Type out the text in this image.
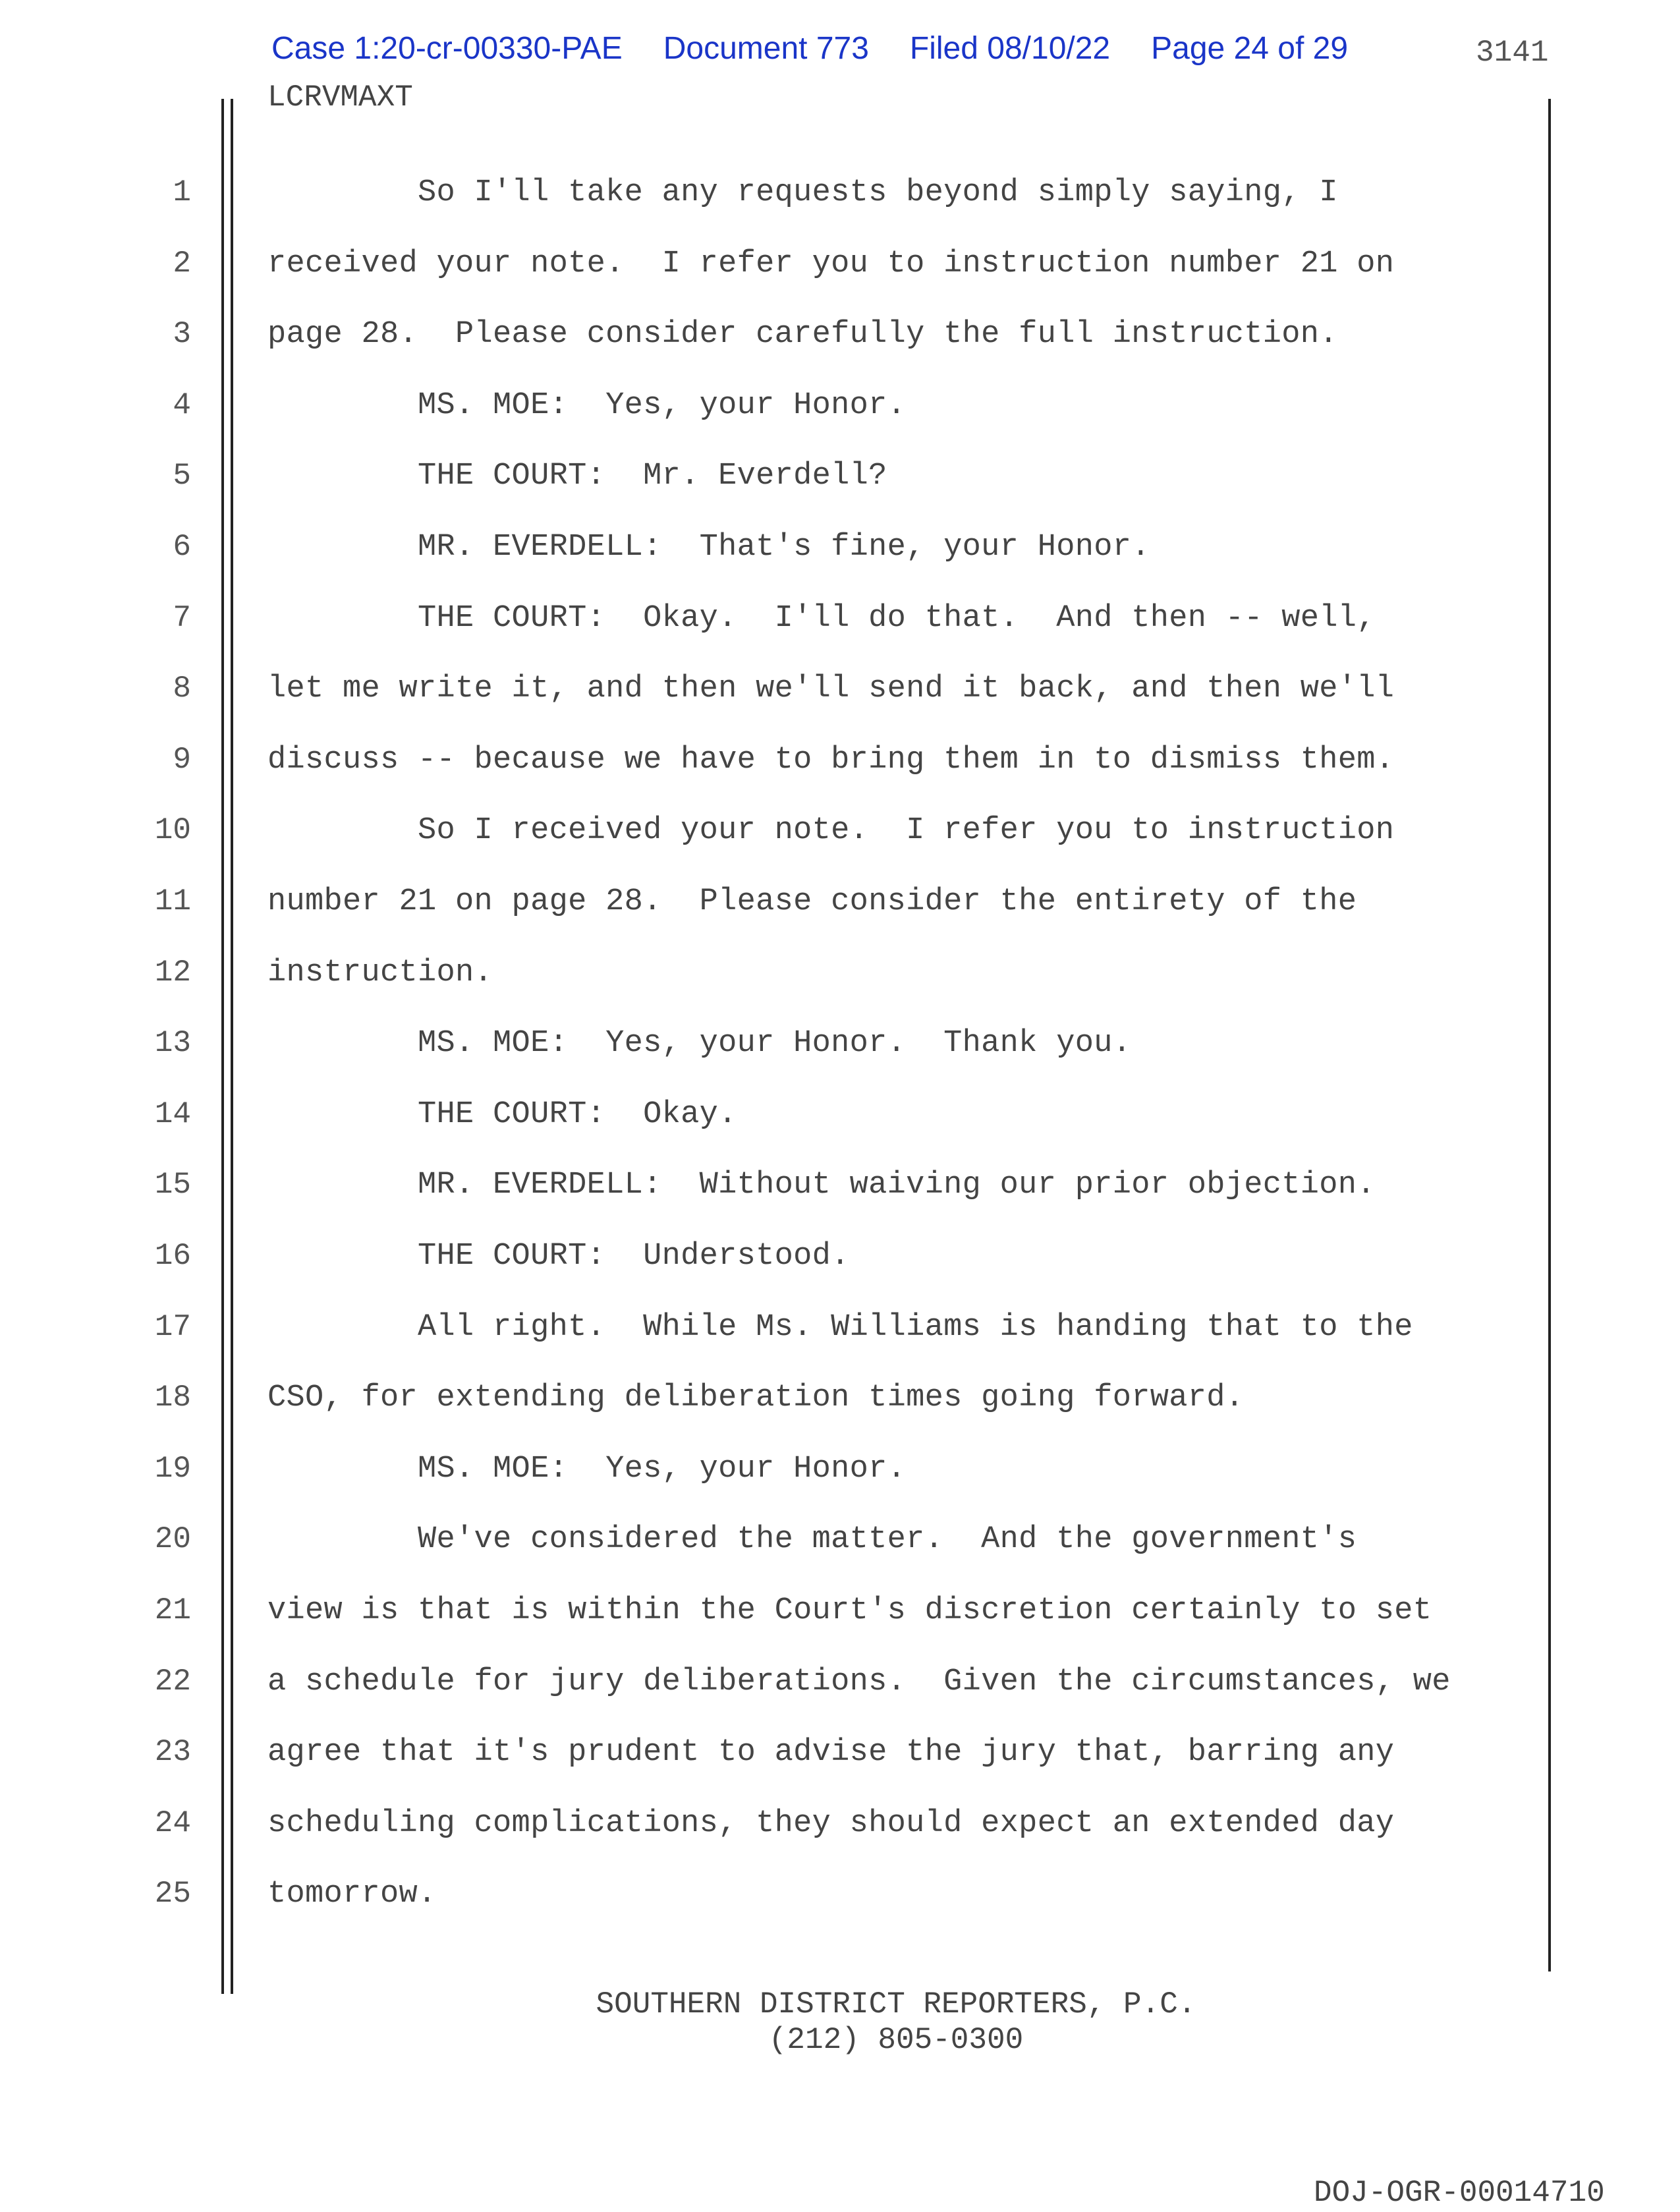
Case 1:20-cr-00330-PAE Document 773 Filed 08/10/22 Page 24 of 29	3141
LCRVMAXT
1
2
3
4
5
6
7
8
9
10
11
12
13
14
15
16
17
18
19
20
21
22
23
24
25
So I'll take any requests beyond simply saying, I
received your note.  I refer you to instruction number 21 on
page 28.  Please consider carefully the full instruction.
MS. MOE:  Yes, your Honor.
THE COURT:  Mr. Everdell?
MR. EVERDELL:  That's fine, your Honor.
THE COURT:  Okay.  I'll do that.  And then -- well,
let me write it, and then we'll send it back, and then we'll
discuss -- because we have to bring them in to dismiss them.
So I received your note.  I refer you to instruction
number 21 on page 28.  Please consider the entirety of the
instruction.
MS. MOE:  Yes, your Honor.  Thank you.
THE COURT:  Okay.
MR. EVERDELL:  Without waiving our prior objection.
THE COURT:  Understood.
All right.  While Ms. Williams is handing that to the
CSO, for extending deliberation times going forward.
MS. MOE:  Yes, your Honor.
We've considered the matter.  And the government's
view is that is within the Court's discretion certainly to set
a schedule for jury deliberations.  Given the circumstances, we
agree that it's prudent to advise the jury that, barring any
scheduling complications, they should expect an extended day
tomorrow.
SOUTHERN DISTRICT REPORTERS, P.C.
(212) 805-0300
DOJ-OGR-00014710
